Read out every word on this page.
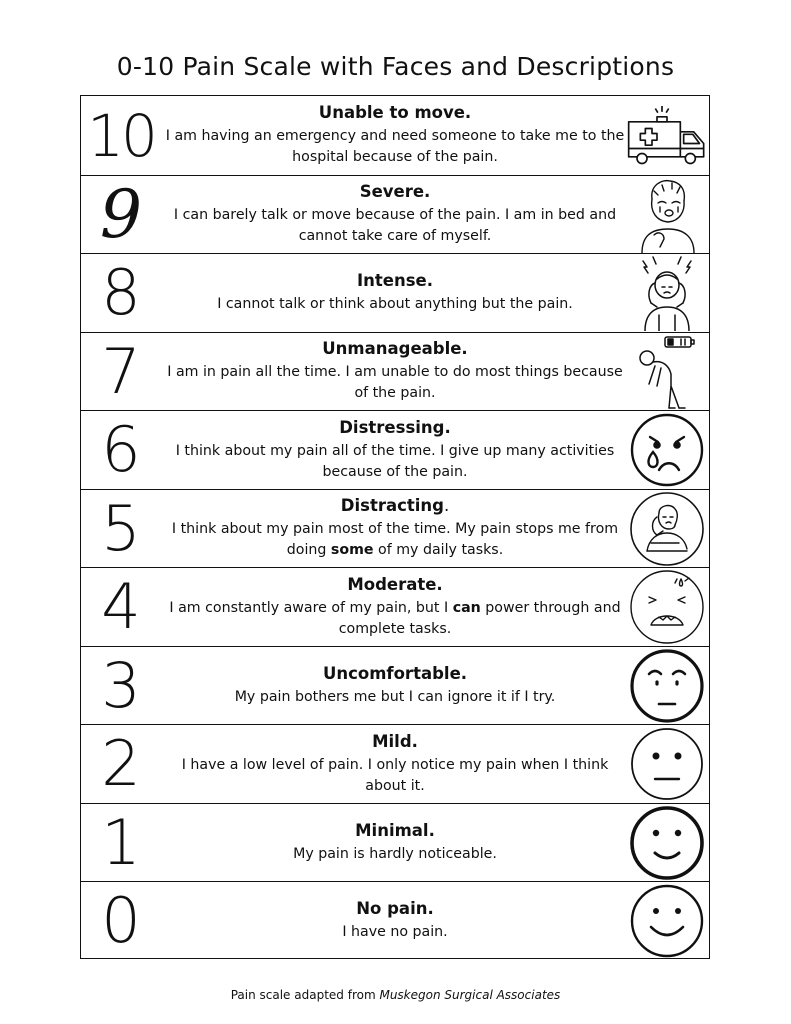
0-10 Pain Scale with Faces and Descriptions
10	Unable to move.
I am having an emergency and need someone to take me to the hospital because of the pain.
9	Severe.
I can barely talk or move because of the pain. I am in bed and cannot take care of myself.
8	Intense.
I cannot talk or think about anything but the pain.
7	Unmanageable.
I am in pain all the time. I am unable to do most things because of the pain.
6	Distressing.
I think about my pain all of the time. I give up many activities because of the pain.
5	Distracting.
I think about my pain most of the time. My pain stops me from doing some of my daily tasks.
4	Moderate.
I am constantly aware of my pain, but I can power through and complete tasks.
3	Uncomfortable.
My pain bothers me but I can ignore it if I try.
2	Mild.
I have a low level of pain. I only notice my pain when I think about it.
1	Minimal.
My pain is hardly noticeable.
0	No pain.
I have no pain.
Pain scale adapted from Muskegon Surgical Associates
